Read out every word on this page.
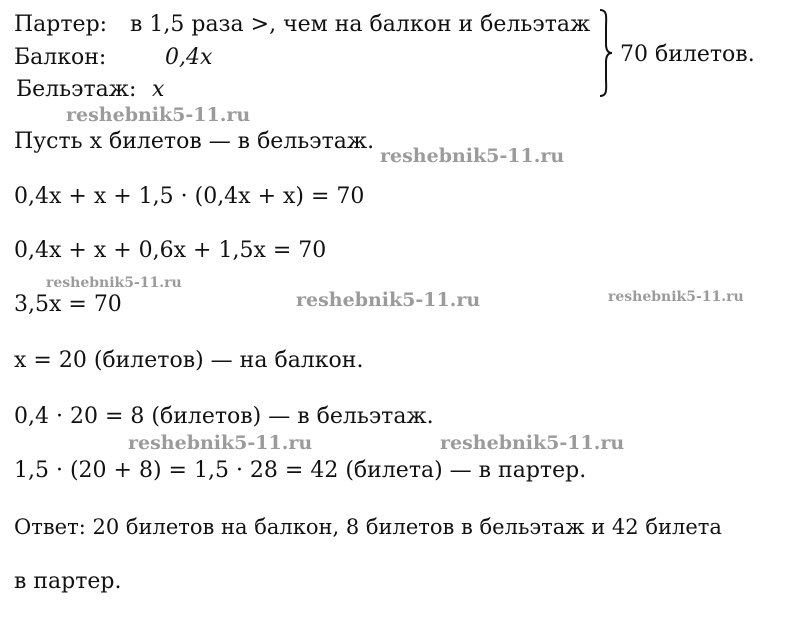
Партер: в 1,5 раза >, чем на балкон и бельэтаж
Балкон:	0,4x
Бельэтаж: x
70 билетов.
Пусть x билетов — в бельэтаж.
0,4x + x + 1,5 · (0,4x + x) = 70
0,4x + x + 0,6x + 1,5x = 70
3,5x = 70
x = 20 (билетов) — на балкон.
0,4 · 20 = 8 (билетов) — в бельэтаж.
1,5 · (20 + 8) = 1,5 · 28 = 42 (билета) — в партер.
Ответ: 20 билетов на балкон, 8 билетов в бельэтаж и 42 билета
в партер.
reshebnik5-11.ru
reshebnik5-11.ru
reshebnik5-11.ru
reshebnik5-11.ru	reshebnik5-11.ru
reshebnik5-11.ru	reshebnik5-11.ru
